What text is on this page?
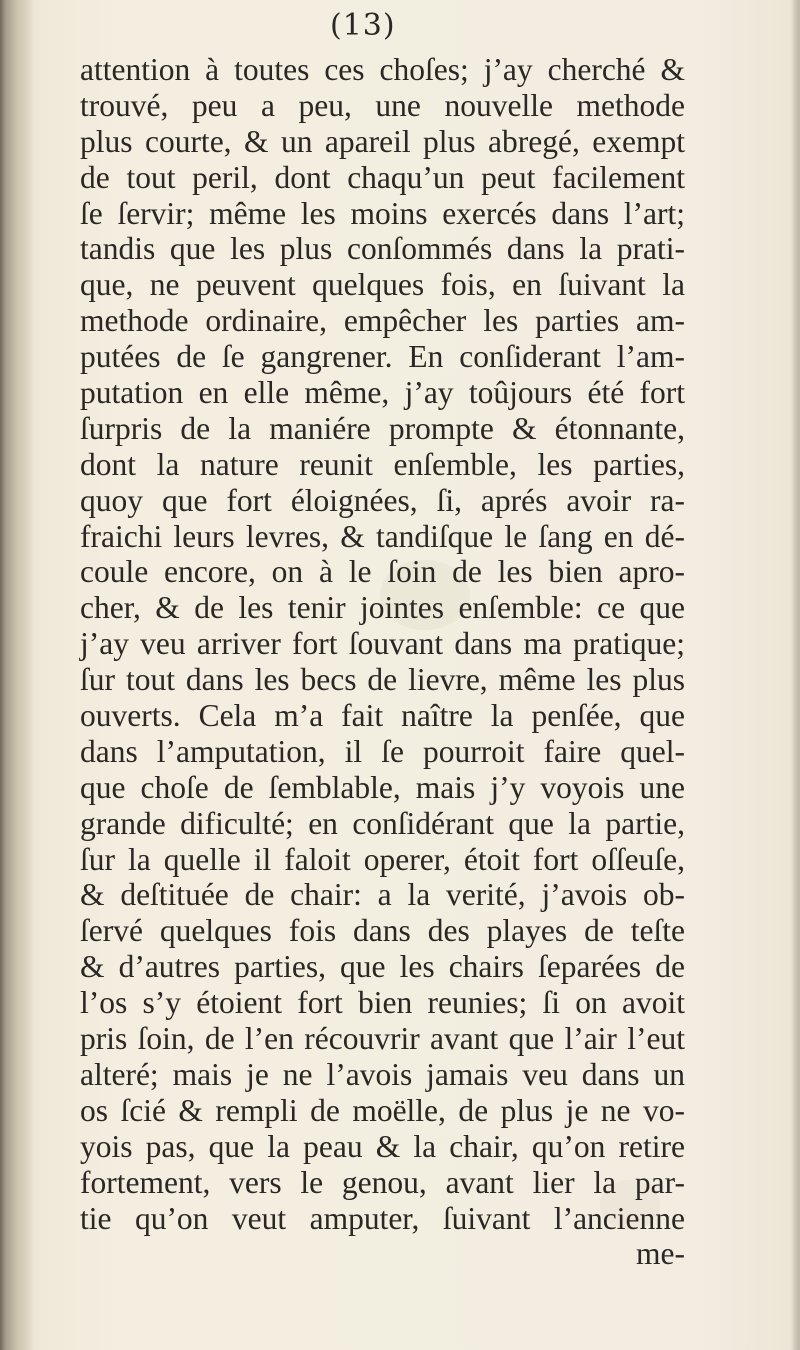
(13)
attention à toutes ces choſes; j’ay cherché &
trouvé, peu a peu, une nouvelle methode
plus courte, & un apareil plus abregé, exempt
de tout peril, dont chaqu’un peut facilement
ſe ſervir; même les moins exercés dans l’art;
tandis que les plus conſommés dans la prati-
que, ne peuvent quelques fois, en ſuivant la
methode ordinaire, empêcher les parties am-
putées de ſe gangrener. En conſiderant l’am-
putation en elle même, j’ay toûjours été fort
ſurpris de la maniére prompte & étonnante,
dont la nature reunit enſemble, les parties,
quoy que fort éloignées, ſi, aprés avoir ra-
fraichi leurs levres, & tandiſque le ſang en dé-
coule encore, on à le ſoin de les bien apro-
cher, & de les tenir jointes enſemble: ce que
j’ay veu arriver fort ſouvant dans ma pratique;
ſur tout dans les becs de lievre, même les plus
ouverts. Cela m’a fait naître la penſée, que
dans l’amputation, il ſe pourroit faire quel-
que choſe de ſemblable, mais j’y voyois une
grande dificulté; en conſidérant que la partie,
ſur la quelle il faloit operer, étoit fort oſſeuſe,
& deſtituée de chair: a la verité, j’avois ob-
ſervé quelques fois dans des playes de teſte
& d’autres parties, que les chairs ſeparées de
l’os s’y étoient fort bien reunies; ſi on avoit
pris ſoin, de l’en récouvrir avant que l’air l’eut
alteré; mais je ne l’avois jamais veu dans un
os ſcié & rempli de moëlle, de plus je ne vo-
yois pas, que la peau & la chair, qu’on retire
fortement, vers le genou, avant lier la par-
tie qu’on veut amputer, ſuivant l’ancienne
me-
